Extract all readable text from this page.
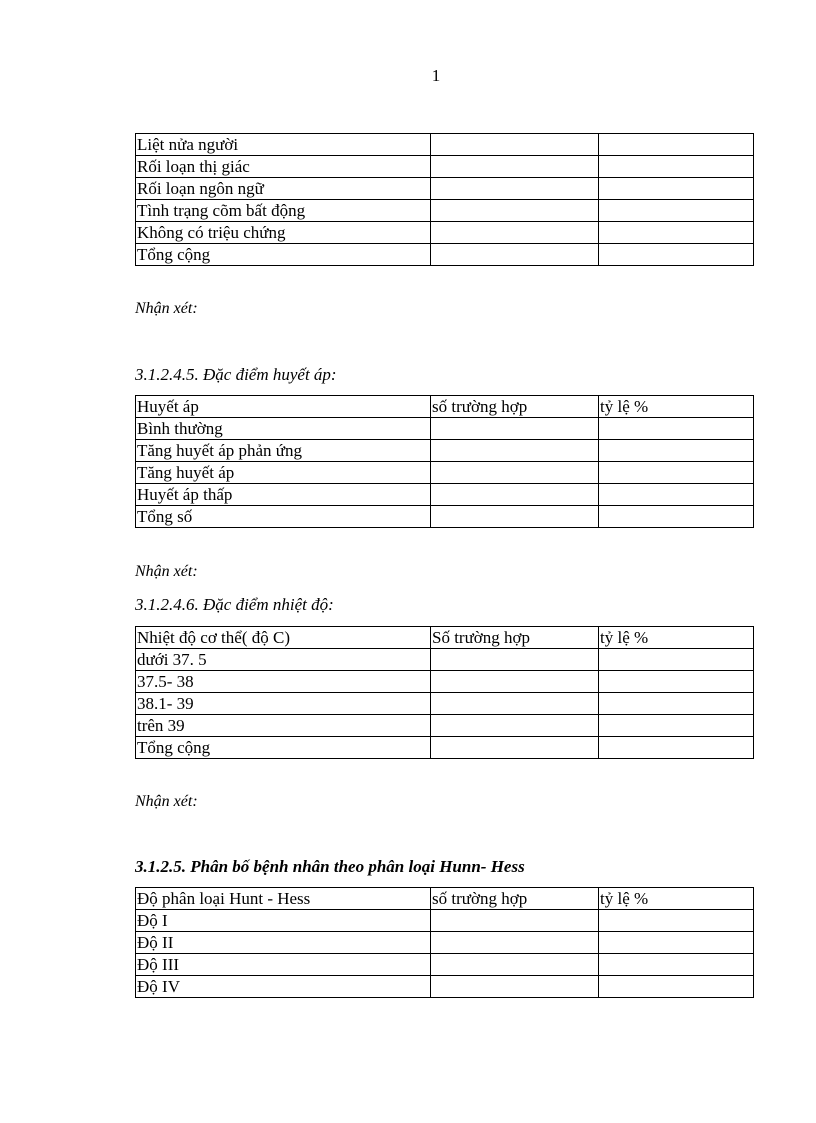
1
Liệt nửa người		
Rối loạn thị giác		
Rối loạn ngôn ngữ		
Tình trạng cõm bất động		
Không có triệu chứng		
Tổng cộng		
Nhận xét:
3.1.2.4.5. Đặc điểm huyết áp:
Huyết áp	số trường hợp	tỷ lệ %
Bình thường		
Tăng huyết áp phản ứng		
Tăng huyết áp		
Huyết áp thấp		
Tổng số		
Nhận xét:
3.1.2.4.6. Đặc điểm nhiệt độ:
Nhiệt độ cơ thể( độ C)	Số trường hợp	tỷ lệ %
dưới 37. 5		
37.5- 38		
38.1- 39		
trên 39		
Tổng cộng		
Nhận xét:
3.1.2.5. Phân bố bệnh nhân theo phân loại Hunn- Hess
Độ phân loại Hunt - Hess	số trường hợp	tỷ lệ %
Độ I		
Độ II		
Độ III		
Độ IV		
